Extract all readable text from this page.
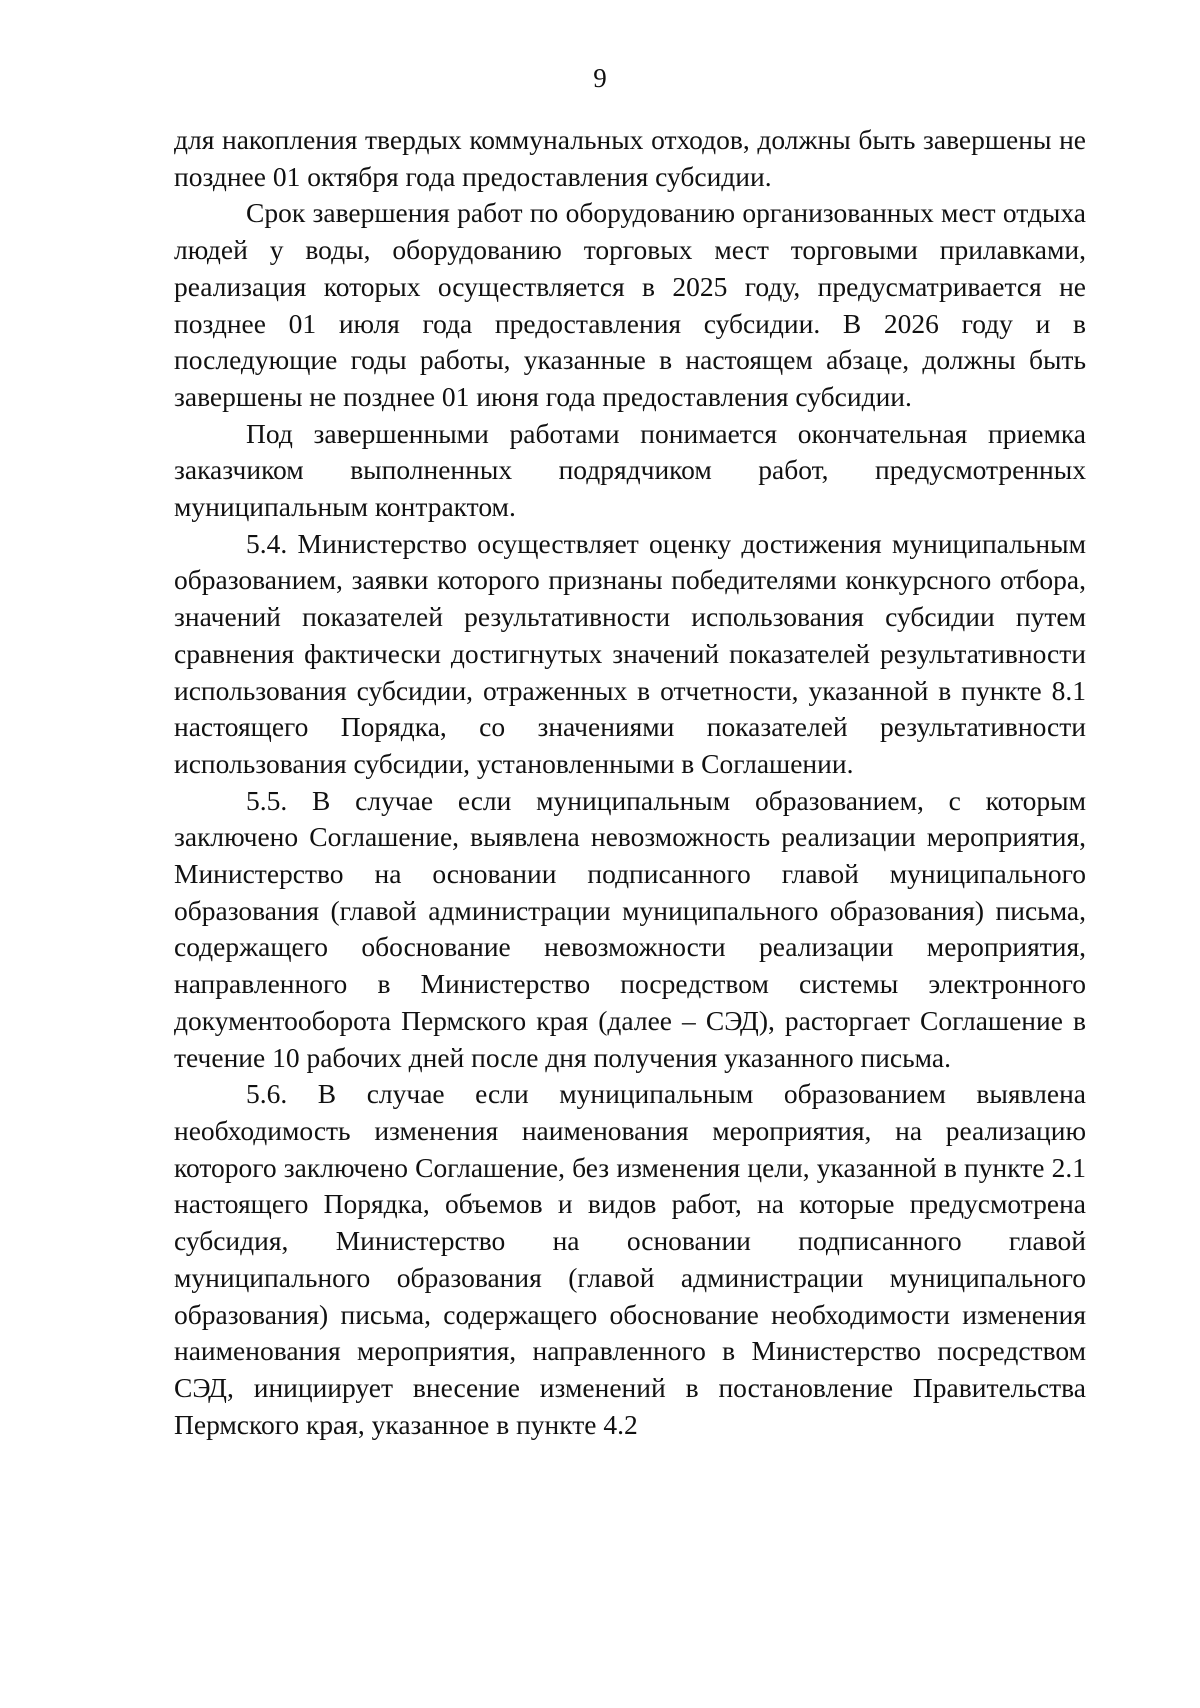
9

для накопления твердых коммунальных отходов, должны быть завершены не позднее 01 октября года предоставления субсидии.

Срок завершения работ по оборудованию организованных мест отдыха людей у воды, оборудованию торговых мест торговыми прилавками, реализация которых осуществляется в 2025 году, предусматривается не позднее 01 июля года предоставления субсидии. В 2026 году и в последующие годы работы, указанные в настоящем абзаце, должны быть завершены не позднее 01 июня года предоставления субсидии.

Под завершенными работами понимается окончательная приемка заказчиком выполненных подрядчиком работ, предусмотренных муниципальным контрактом.

5.4. Министерство осуществляет оценку достижения муниципальным образованием, заявки которого признаны победителями конкурсного отбора, значений показателей результативности использования субсидии путем сравнения фактически достигнутых значений показателей результативности использования субсидии, отраженных в отчетности, указанной в пункте 8.1 настоящего Порядка, со значениями показателей результативности использования субсидии, установленными в Соглашении.

5.5. В случае если муниципальным образованием, с которым заключено Соглашение, выявлена невозможность реализации мероприятия, Министерство на основании подписанного главой муниципального образования (главой администрации муниципального образования) письма, содержащего обоснование невозможности реализации мероприятия, направленного в Министерство посредством системы электронного документооборота Пермского края (далее – СЭД), расторгает Соглашение в течение 10 рабочих дней после дня получения указанного письма.

5.6. В случае если муниципальным образованием выявлена необходимость изменения наименования мероприятия, на реализацию которого заключено Соглашение, без изменения цели, указанной в пункте 2.1 настоящего Порядка, объемов и видов работ, на которые предусмотрена субсидия, Министерство на основании подписанного главой муниципального образования (главой администрации муниципального образования) письма, содержащего обоснование необходимости изменения наименования мероприятия, направленного в Министерство посредством СЭД, инициирует внесение изменений в постановление Правительства Пермского края, указанное в пункте 4.2
